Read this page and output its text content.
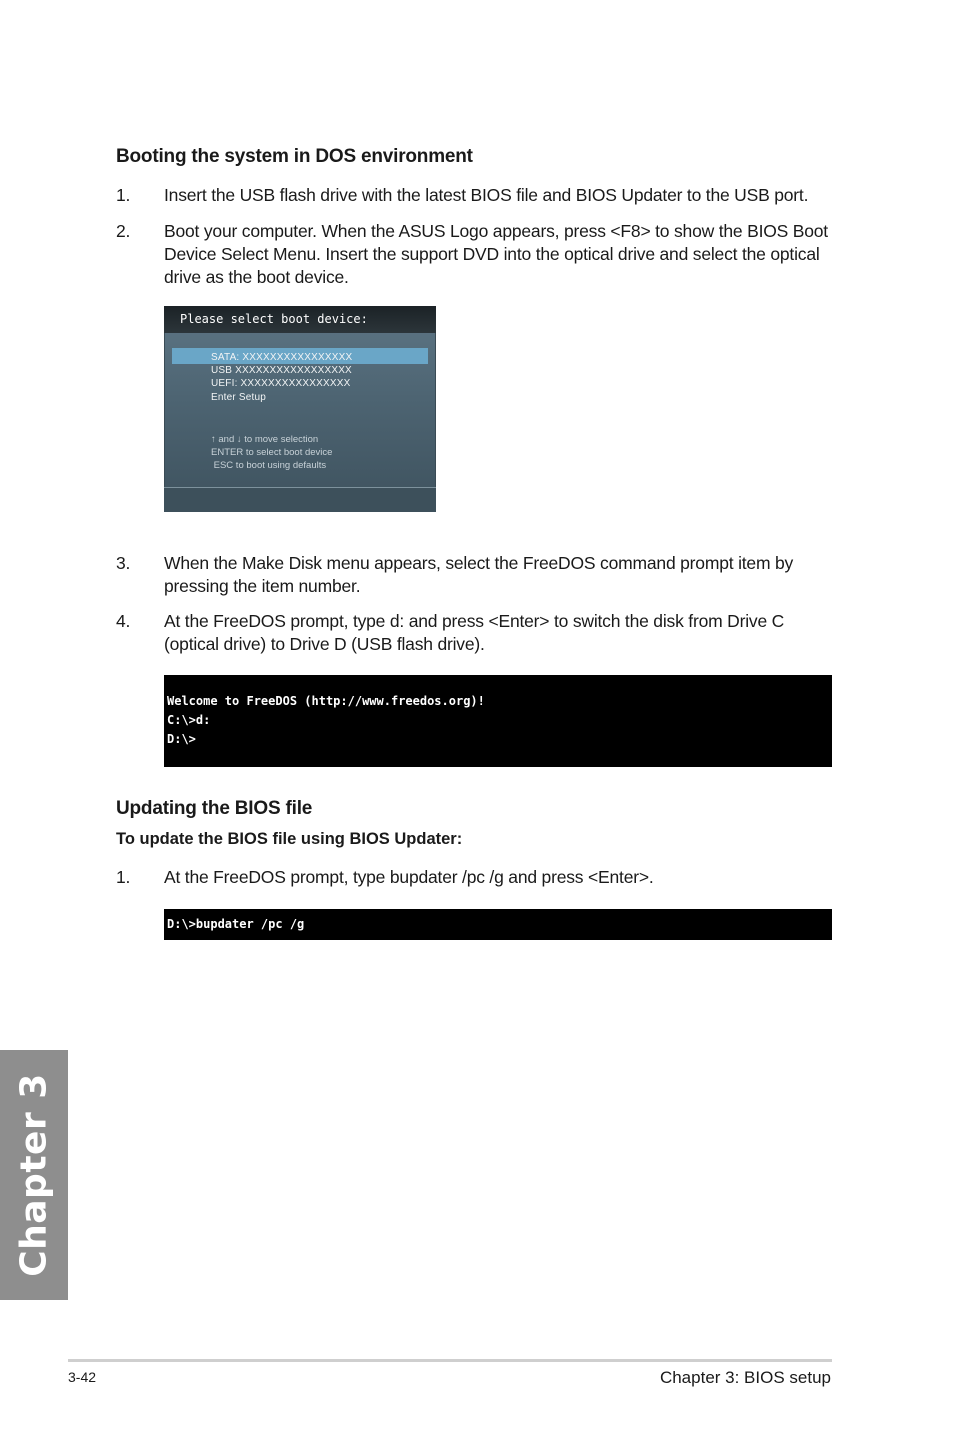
Booting the system in DOS environment
1. Insert the USB flash drive with the latest BIOS file and BIOS Updater to the USB port.
2. Boot your computer. When the ASUS Logo appears, press <F8> to show the BIOS Boot Device Select Menu. Insert the support DVD into the optical drive and select the optical drive as the boot device.
Please select boot device:
SATA: XXXXXXXXXXXXXXXX
USB XXXXXXXXXXXXXXXXX
UEFI: XXXXXXXXXXXXXXXX
Enter Setup
↑ and ↓ to move selection
ENTER to select boot device
ESC to boot using defaults
3. When the Make Disk menu appears, select the FreeDOS command prompt item by pressing the item number.
4. At the FreeDOS prompt, type d: and press <Enter> to switch the disk from Drive C (optical drive) to Drive D (USB flash drive).
Welcome to FreeDOS (http://www.freedos.org)!
C:\>d:
D:\>
Updating the BIOS file
To update the BIOS file using BIOS Updater:
1. At the FreeDOS prompt, type bupdater /pc /g and press <Enter>.
D:\>bupdater /pc /g
Chapter 3
3-42	Chapter 3: BIOS setup
